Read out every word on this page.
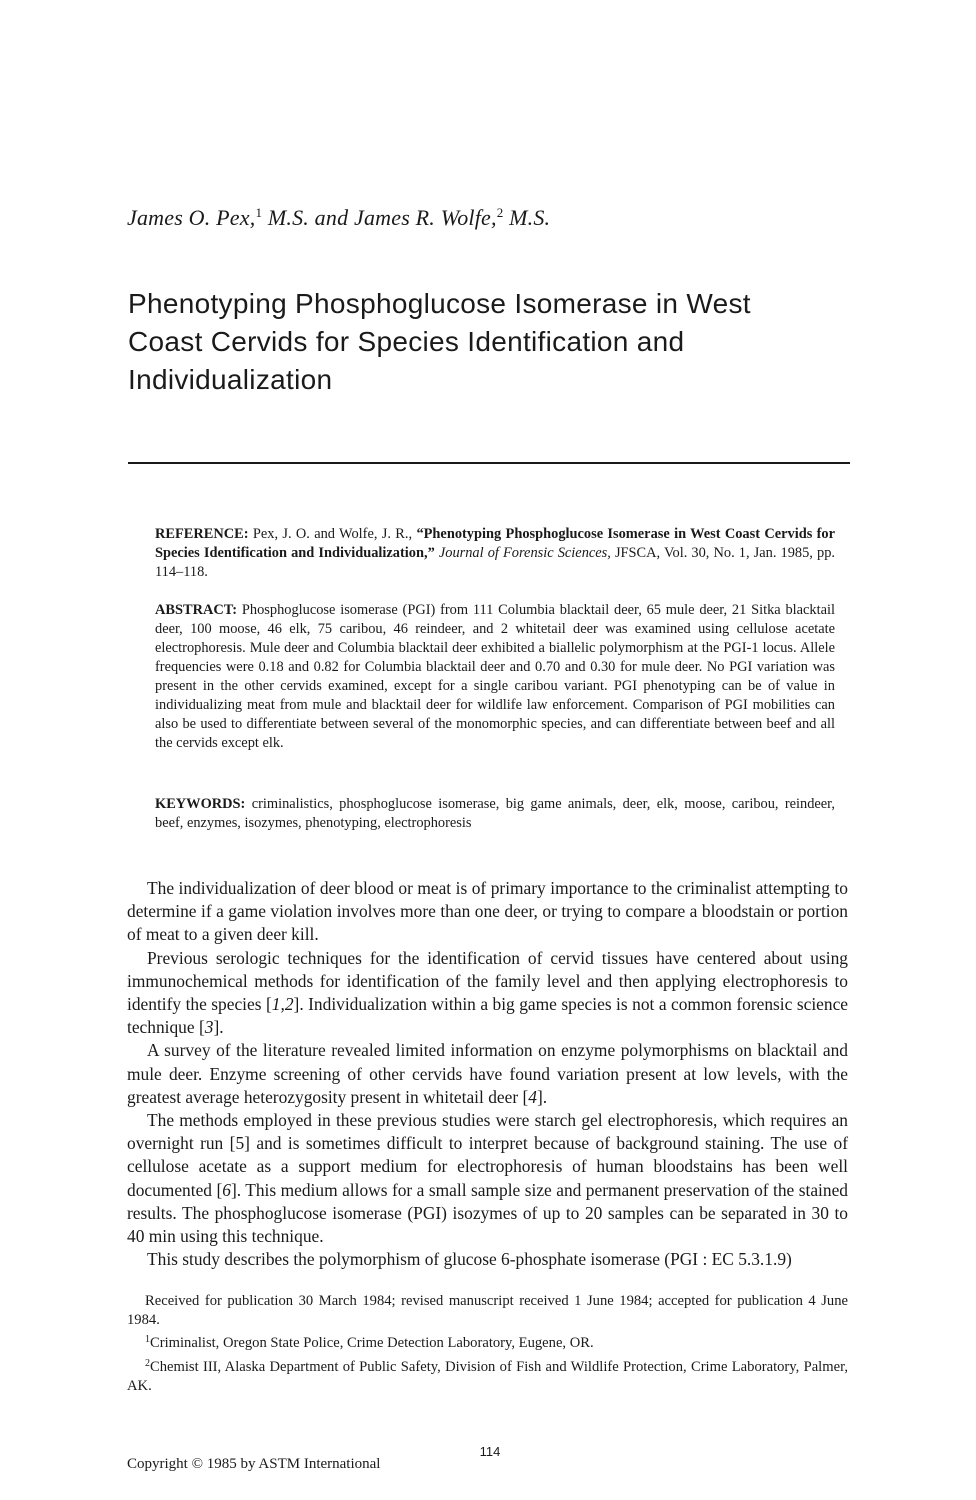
James O. Pex,$^1$ M.S. and James R. Wolfe,$^2$ M.S.
Phenotyping Phosphoglucose Isomerase in West
Coast Cervids for Species Identification and
Individualization

REFERENCE: Pex, J. O. and Wolfe, J. R., “Phenotyping Phosphoglucose Isomerase in West Coast Cervids for Species Identification and Individualization,” Journal of Forensic Sciences, JFSCA, Vol. 30, No. 1, Jan. 1985, pp. 114–118.

ABSTRACT: Phosphoglucose isomerase (PGI) from 111 Columbia blacktail deer, 65 mule deer, 21 Sitka blacktail deer, 100 moose, 46 elk, 75 caribou, 46 reindeer, and 2 whitetail deer was examined using cellulose acetate electrophoresis. Mule deer and Columbia blacktail deer exhibited a biallelic polymorphism at the PGI-1 locus. Allele frequencies were 0.18 and 0.82 for Columbia blacktail deer and 0.70 and 0.30 for mule deer. No PGI variation was present in the other cervids examined, except for a single caribou variant. PGI phenotyping can be of value in individualizing meat from mule and blacktail deer for wildlife law enforcement. Comparison of PGI mobilities can also be used to differentiate between several of the monomorphic species, and can differentiate between beef and all the cervids except elk.

KEYWORDS: criminalistics, phosphoglucose isomerase, big game animals, deer, elk, moose, caribou, reindeer, beef, enzymes, isozymes, phenotyping, electrophoresis

The individualization of deer blood or meat is of primary importance to the criminalist attempting to determine if a game violation involves more than one deer, or trying to compare a bloodstain or portion of meat to a given deer kill.

Previous serologic techniques for the identification of cervid tissues have centered about using immunochemical methods for identification of the family level and then applying electrophoresis to identify the species [1,2]. Individualization within a big game species is not a common forensic science technique [3].

A survey of the literature revealed limited information on enzyme polymorphisms on blacktail and mule deer. Enzyme screening of other cervids have found variation present at low levels, with the greatest average heterozygosity present in whitetail deer [4].

The methods employed in these previous studies were starch gel electrophoresis, which requires an overnight run [5] and is sometimes difficult to interpret because of background staining. The use of cellulose acetate as a support medium for electrophoresis of human bloodstains has been well documented [6]. This medium allows for a small sample size and permanent preservation of the stained results. The phosphoglucose isomerase (PGI) isozymes of up to 20 samples can be separated in 30 to 40 min using this technique.

This study describes the polymorphism of glucose 6-phosphate isomerase (PGI : EC 5.3.1.9)

Received for publication 30 March 1984; revised manuscript received 1 June 1984; accepted for publication 4 June 1984.

$^1$Criminalist, Oregon State Police, Crime Detection Laboratory, Eugene, OR.

$^2$Chemist III, Alaska Department of Public Safety, Division of Fish and Wildlife Protection, Crime Laboratory, Palmer, AK.

114
Copyright © 1985 by ASTM International
